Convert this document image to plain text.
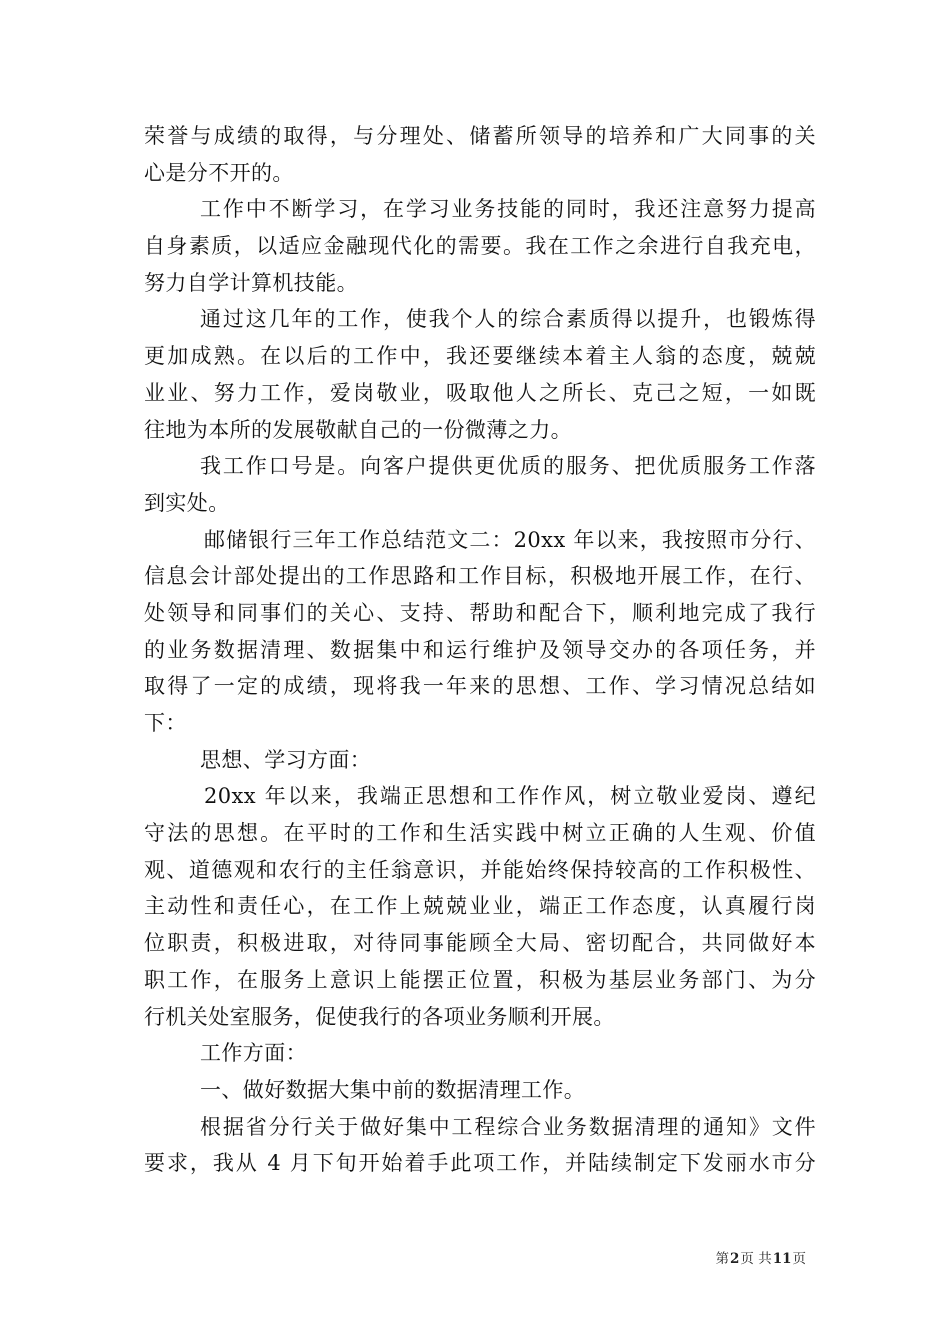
荣誉与成绩的取得，与分理处、储蓄所领导的培养和广大同事的关
心是分不开的。
工作中不断学习，在学习业务技能的同时，我还注意努力提高
自身素质，以适应金融现代化的需要。我在工作之余进行自我充电，
努力自学计算机技能。
通过这几年的工作，使我个人的综合素质得以提升，也锻炼得
更加成熟。在以后的工作中，我还要继续本着主人翁的态度，兢兢
业业、努力工作，爱岗敬业，吸取他人之所长、克己之短，一如既
往地为本所的发展敬献自己的一份微薄之力。
我工作口号是。向客户提供更优质的服务、把优质服务工作落
到实处。
邮储银行三年工作总结范文二：20xx 年以来，我按照市分行、
信息会计部处提出的工作思路和工作目标，积极地开展工作，在行、
处领导和同事们的关心、支持、帮助和配合下，顺利地完成了我行
的业务数据清理、数据集中和运行维护及领导交办的各项任务，并
取得了一定的成绩，现将我一年来的思想、工作、学习情况总结如
下：
思想、学习方面：
20xx 年以来，我端正思想和工作作风，树立敬业爱岗、遵纪
守法的思想。在平时的工作和生活实践中树立正确的人生观、价值
观、道德观和农行的主任翁意识，并能始终保持较高的工作积极性、
主动性和责任心，在工作上兢兢业业，端正工作态度，认真履行岗
位职责，积极进取，对待同事能顾全大局、密切配合，共同做好本
职工作，在服务上意识上能摆正位置，积极为基层业务部门、为分
行机关处室服务，促使我行的各项业务顺利开展。
工作方面：
一、做好数据大集中前的数据清理工作。
根据省分行关于做好集中工程综合业务数据清理的通知》文件
要求，我从 4 月下旬开始着手此项工作，并陆续制定下发丽水市分
第2页 共11页
